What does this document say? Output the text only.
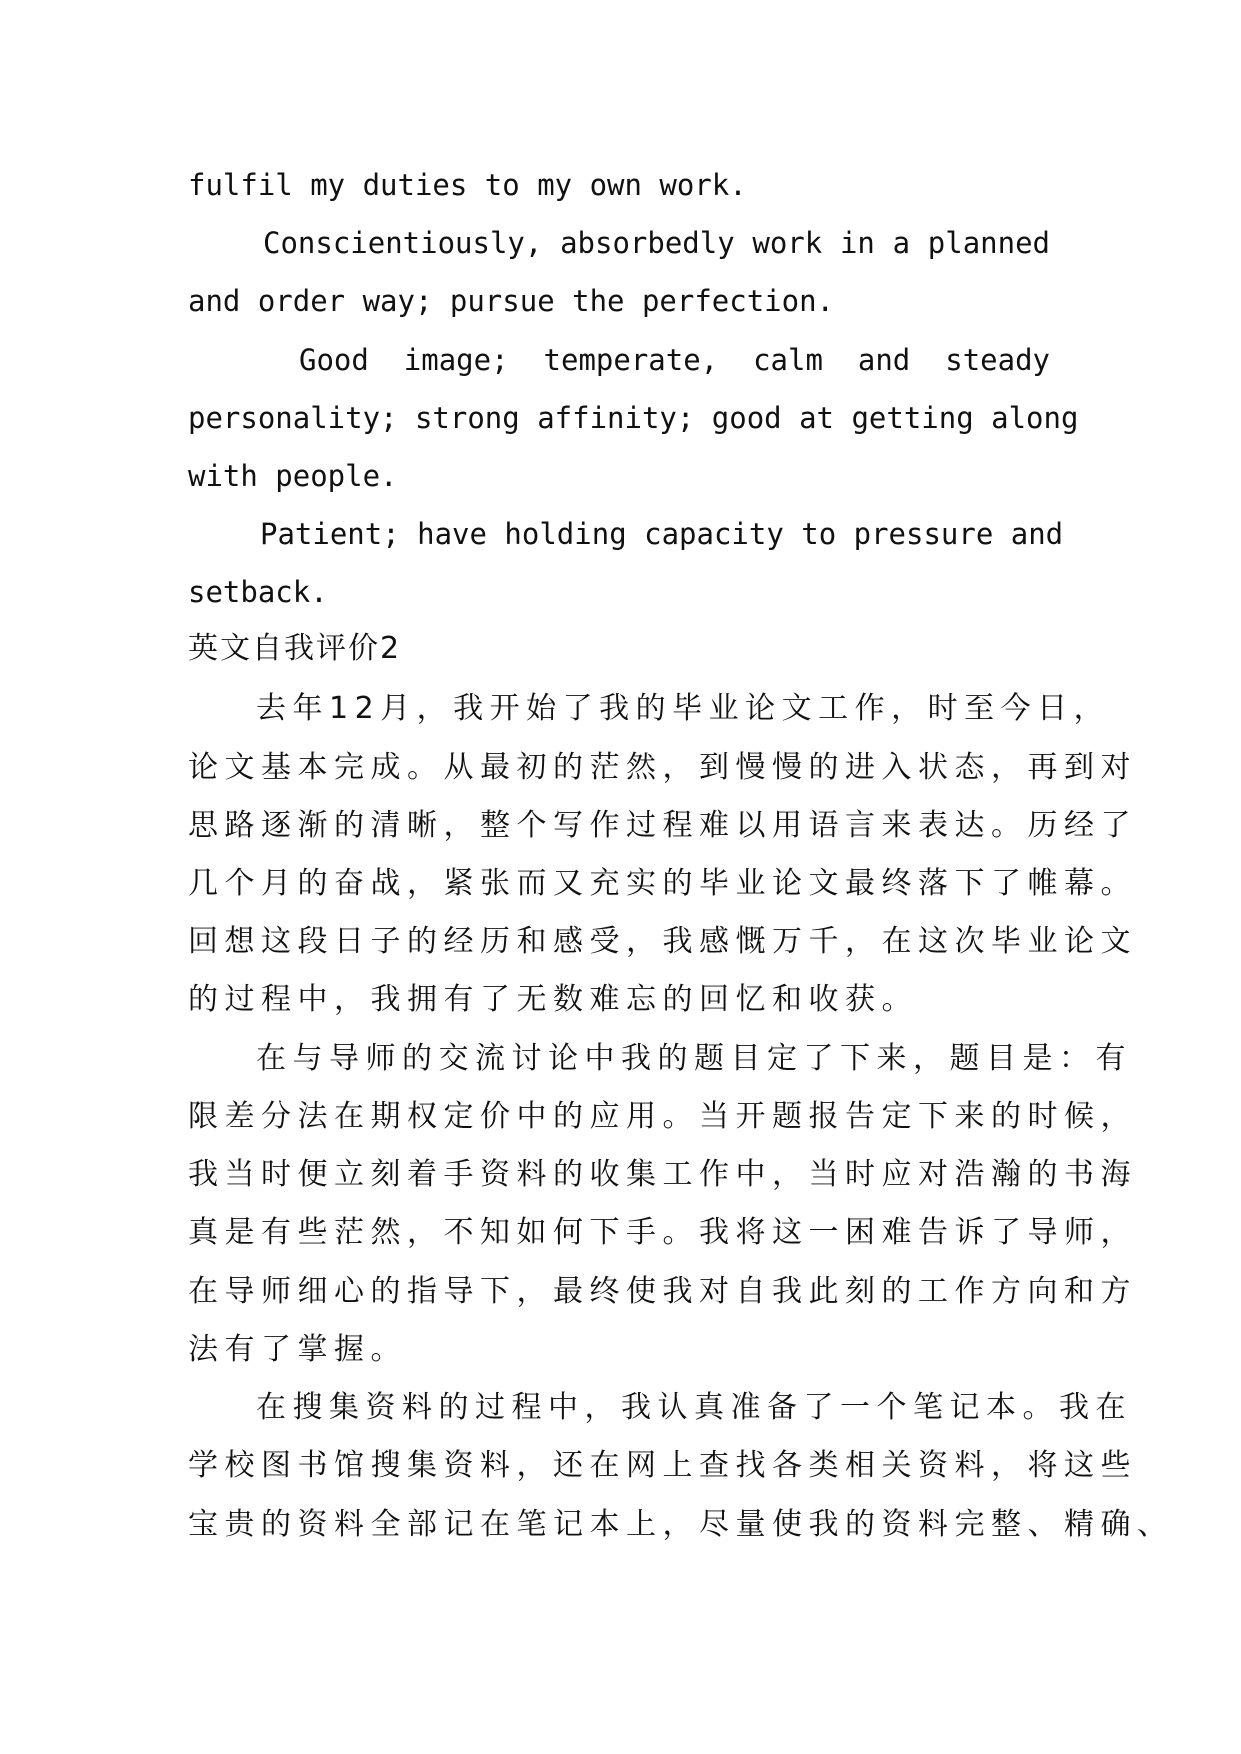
fulfil my duties to my own work.
Conscientiously, absorbedly work in a planned
and order way; pursue the perfection.
Good image; temperate, calm and steady
personality; strong affinity; good at getting along
with people.
Patient; have holding capacity to pressure and
setback.
英文自我评价2
去年12月，我开始了我的毕业论文工作，时至今日，
论文基本完成。从最初的茫然，到慢慢的进入状态，再到对
思路逐渐的清晰，整个写作过程难以用语言来表达。历经了
几个月的奋战，紧张而又充实的毕业论文最终落下了帷幕。
回想这段日子的经历和感受，我感慨万千，在这次毕业论文
的过程中，我拥有了无数难忘的回忆和收获。
在与导师的交流讨论中我的题目定了下来，题目是：有
限差分法在期权定价中的应用。当开题报告定下来的时候，
我当时便立刻着手资料的收集工作中，当时应对浩瀚的书海
真是有些茫然，不知如何下手。我将这一困难告诉了导师，
在导师细心的指导下，最终使我对自我此刻的工作方向和方
法有了掌握。
在搜集资料的过程中，我认真准备了一个笔记本。我在
学校图书馆搜集资料，还在网上查找各类相关资料，将这些
宝贵的资料全部记在笔记本上，尽量使我的资料完整、精确、
